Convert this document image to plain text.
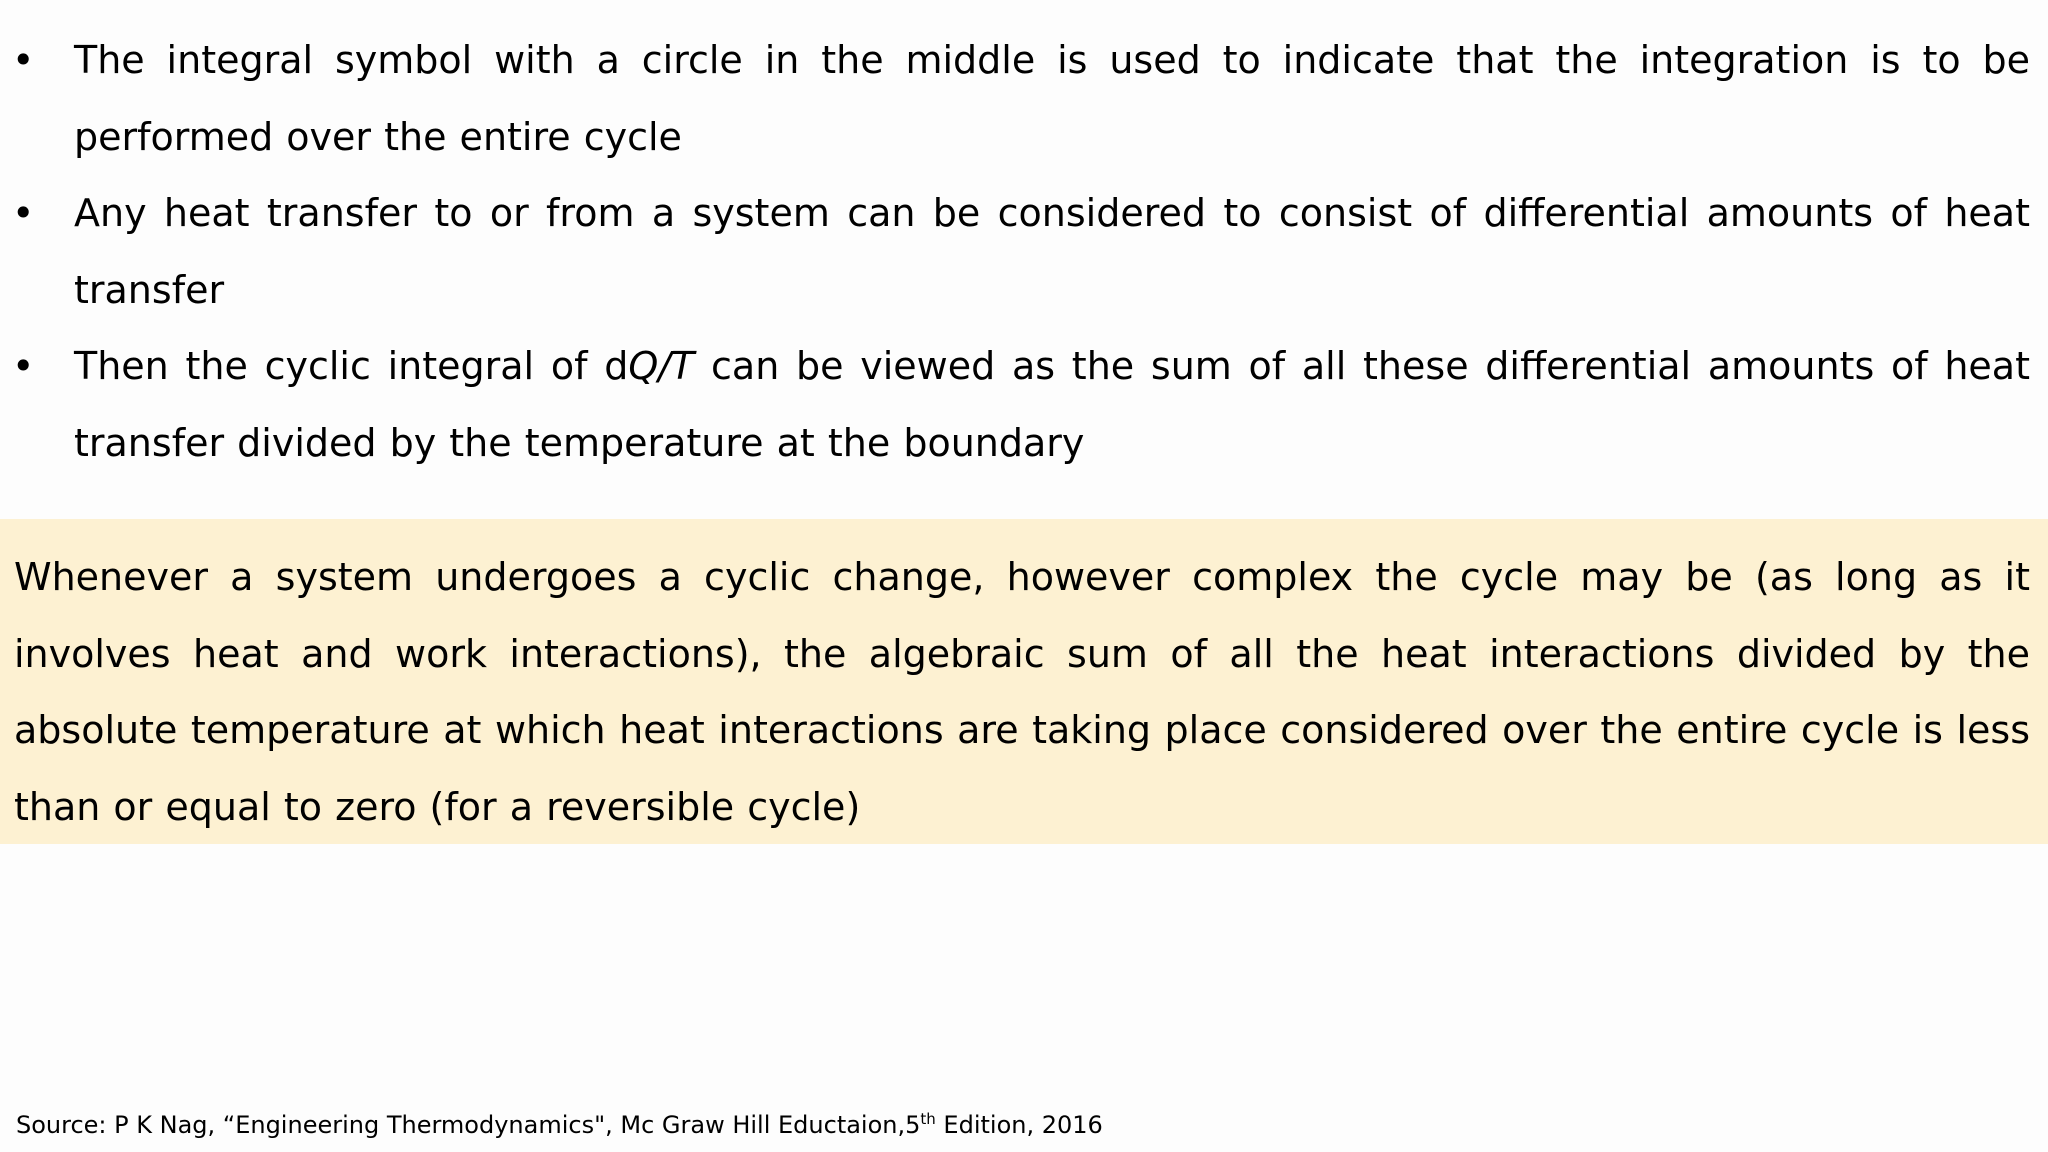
• The integral symbol with a circle in the middle is used to indicate that the integration is to be performed over the entire cycle
• Any heat transfer to or from a system can be considered to consist of differential amounts of heat transfer
• Then the cyclic integral of dQ/T can be viewed as the sum of all these differential amounts of heat transfer divided by the temperature at the boundary

Whenever a system undergoes a cyclic change, however complex the cycle may be (as long as it involves heat and work interactions), the algebraic sum of all the heat interactions divided by the absolute temperature at which heat interactions are taking place considered over the entire cycle is less than or equal to zero (for a reversible cycle)

Source: P K Nag, “Engineering Thermodynamics", Mc Graw Hill Eductaion,5th Edition, 2016
